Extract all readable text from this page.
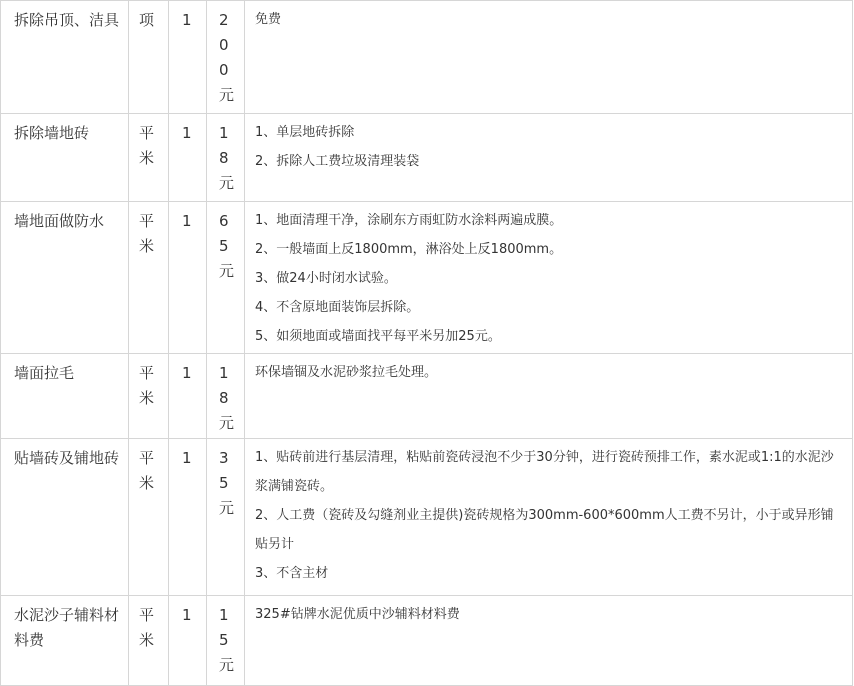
拆除吊顶、洁具	项	1	200元	免费

拆除墙地砖	平米	1	18元	1、单层地砖拆除

2、拆除人工费垃圾清理装袋

墙地面做防水	平米	1	65元	1、地面清理干净，涂刷东方雨虹防水涂料两遍成膜。

2、一般墙面上反1800mm，淋浴处上反1800mm。

3、做24小时闭水试验。

4、不含原地面装饰层拆除。

5、如须地面或墙面找平每平米另加25元。

墙面拉毛	平米	1	18元	环保墙锢及水泥砂浆拉毛处理。

贴墙砖及铺地砖	平米	1	35元	1、贴砖前进行基层清理，粘贴前瓷砖浸泡不少于30分钟，进行瓷砖预排工作，素水泥或1:1的水泥沙浆满铺瓷砖。

2、人工费（瓷砖及勾缝剂业主提供)瓷砖规格为300mm-600*600mm人工费不另计，小于或异形铺贴另计

3、不含主材

水泥沙子辅料材料费	平米	1	15元	325#钻牌水泥优质中沙辅料材料费
